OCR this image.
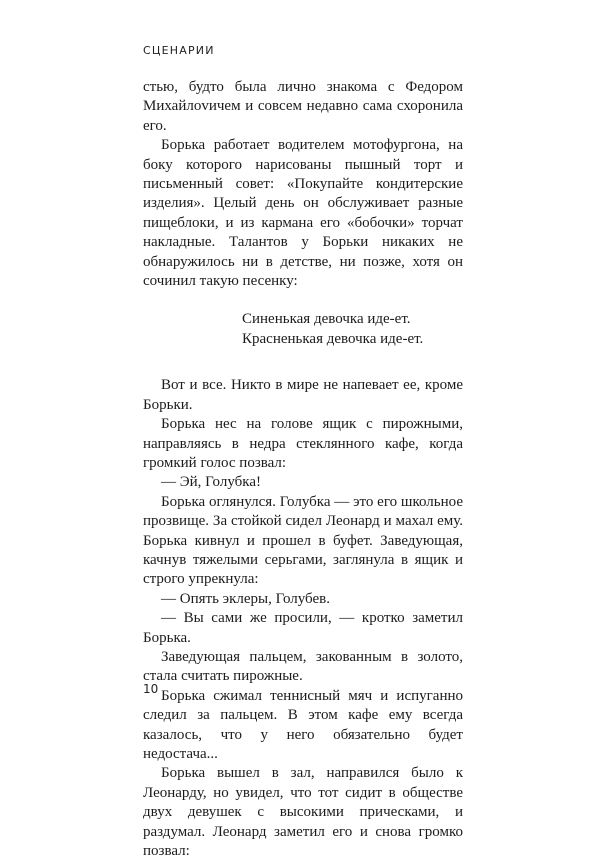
СЦЕНАРИИ

стью, будто была лично знакома с Федором Михайлоvичем и совсем недавно сама схоронила его.

Борька работает водителем мотофургона, на боку которого нарисованы пышный торт и письменный совет: «Покупайте кондитерские изделия». Целый день он обслуживает разные пищеблоки, и из кармана его «бобочки» торчат накладные. Талантов у Борьки никаких не обнаружилось ни в детстве, ни позже, хотя он сочинил такую песенку:

Синенькая девочка иде-ет.
Красненькая девочка иде-ет.

Вот и все. Никто в мире не напевает ее, кроме Борьки.

Борька нес на голове ящик с пирожными, направляясь в недра стеклянного кафе, когда громкий голос позвал:

— Эй, Голубка!

Борька оглянулся. Голубка — это его школьное прозвище. За стойкой сидел Леонард и махал ему. Борька кивнул и прошел в буфет. Заведующая, качнув тяжелыми серьгами, заглянула в ящик и строго упрекнула:

— Опять эклеры, Голубев.

— Вы сами же просили, — кротко заметил Борька.

Заведующая пальцем, закованным в золото, стала считать пирожные.

Борька сжимал теннисный мяч и испуганно следил за пальцем. В этом кафе ему всегда казалось, что у него обязательно будет недостача...

Борька вышел в зал, направился было к Леонарду, но увидел, что тот сидит в обществе двух девушек с высокими прическами, и раздумал. Леонард заметил его и снова громко позвал:

10
